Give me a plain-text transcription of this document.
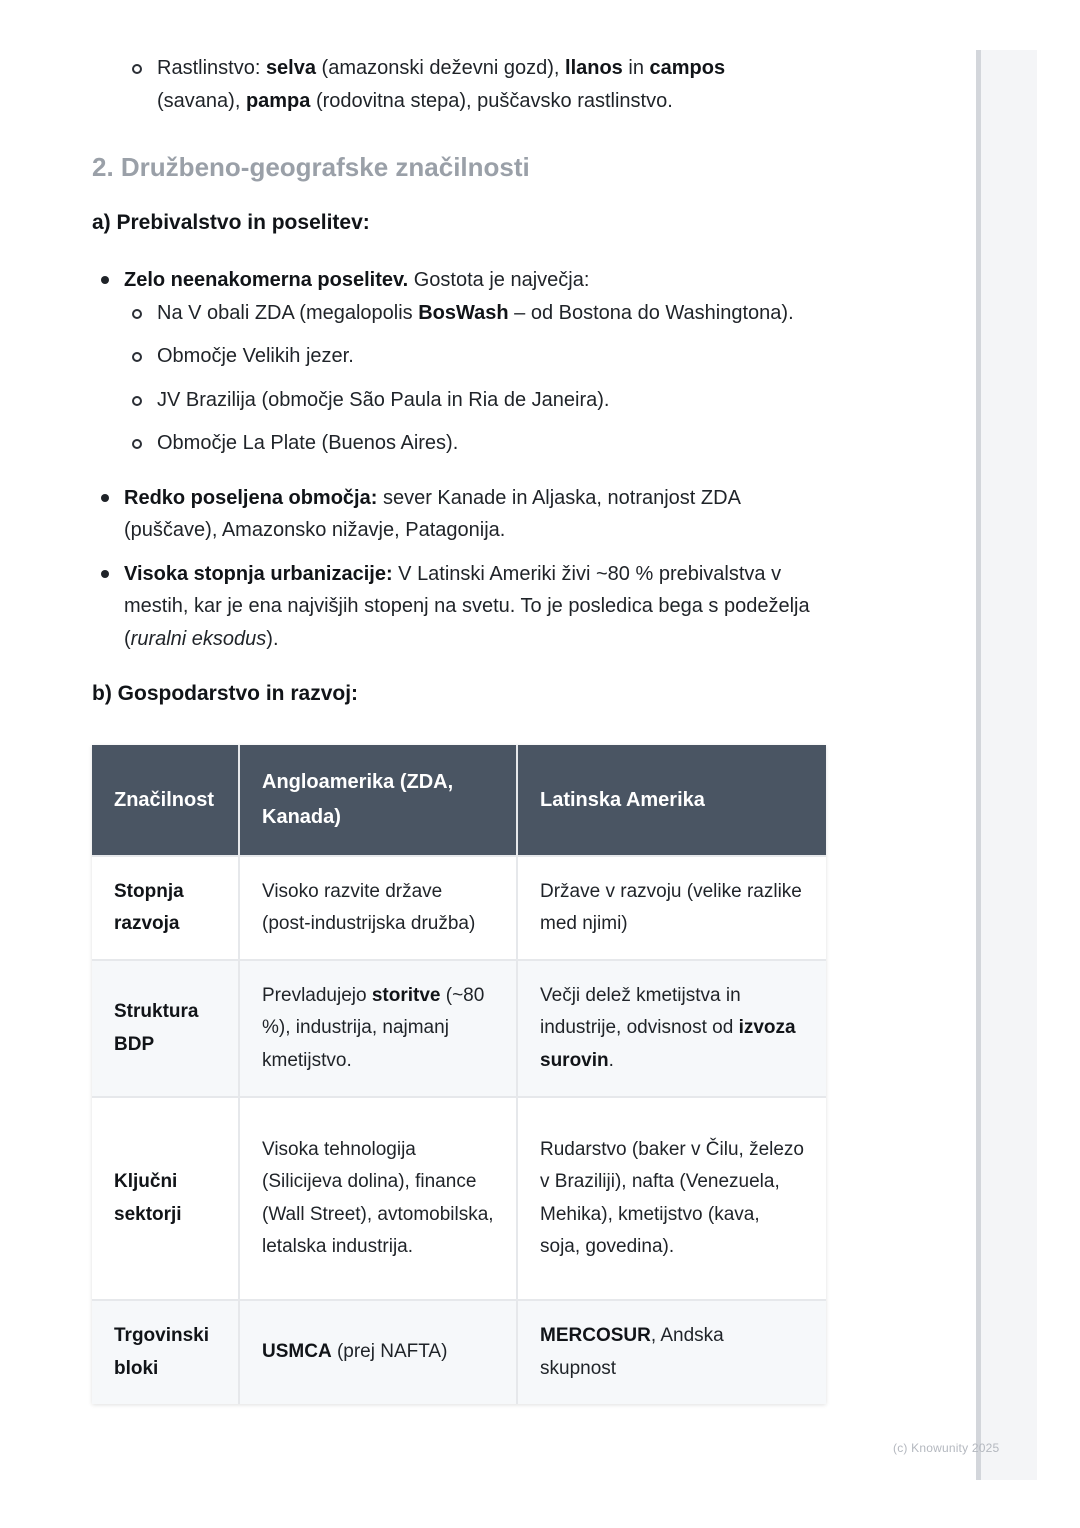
Rastlinstvo: selva (amazonski deževni gozd), llanos in campos (savana), pampa (rodovitna stepa), puščavsko rastlinstvo.
2. Družbeno-geografske značilnosti
a) Prebivalstvo in poselitev:
Zelo neenakomerna poselitev. Gostota je največja:
Na V obali ZDA (megalopolis BosWash – od Bostona do Washingtona).
Območje Velikih jezer.
JV Brazilija (območje São Paula in Ria de Janeira).
Območje La Plate (Buenos Aires).
Redko poseljena območja: sever Kanade in Aljaska, notranjost ZDA (puščave), Amazonsko nižavje, Patagonija.
Visoka stopnja urbanizacije: V Latinski Ameriki živi ~80 % prebivalstva v mestih, kar je ena najvišjih stopenj na svetu. To je posledica bega s podeželja (ruralni eksodus).
b) Gospodarstvo in razvoj:
Značilnost	Angloamerika (ZDA, Kanada)	Latinska Amerika
Stopnja razvoja	Visoko razvite države (post-industrijska družba)	Države v razvoju (velike razlike med njimi)
Struktura BDP	Prevladujejo storitve (~80 %), industrija, najmanj kmetijstvo.	Večji delež kmetijstva in industrije, odvisnost od izvoza surovin.
Ključni sektorji	Visoka tehnologija (Silicijeva dolina), finance (Wall Street), avtomobilska, letalska industrija.	Rudarstvo (baker v Čilu, železo v Braziliji), nafta (Venezuela, Mehika), kmetijstvo (kava, soja, govedina).
Trgovinski bloki	USMCA (prej NAFTA)	MERCOSUR, Andska skupnost
(c) Knowunity 2025
